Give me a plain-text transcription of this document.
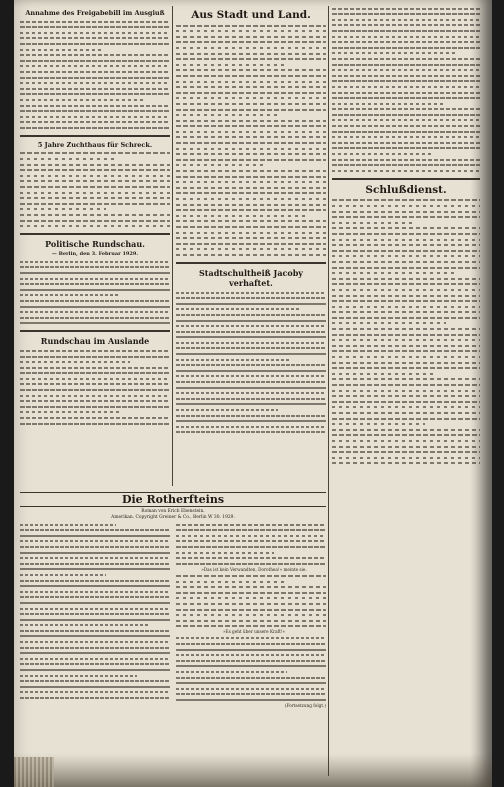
Annahme des Freigabebill im Ausgiuß
5 Jahre Zuchthaus für Schreck.
Politische Rundschau.
— Berlin, den 3. Februar 1929.
Rundschau im Auslande
Aus Stadt und Land.
Stadtschultheiß Jacoby verhaftet.
Schlußdienst.
Die Rotherfteins
Roman von Erich Ebenstein.
Amerikan. Copyright Greiner & Co., Berlin W 30. 1929.
»Das ist kein Verwandten, Dorothea!« meinte sie.
»Es geht über unsere Kraft!«
(Fortsetzung folgt.)
